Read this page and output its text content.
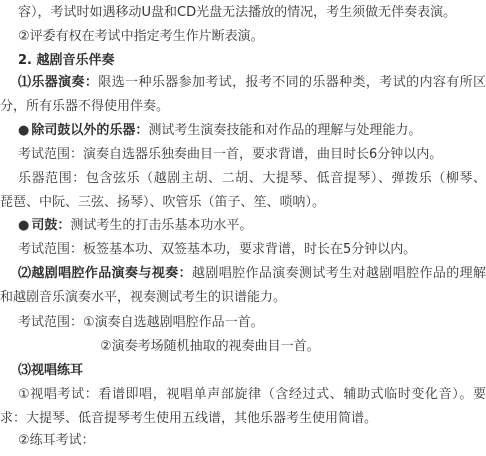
容），考试时如遇移动U盘和CD光盘无法播放的情况，考生须做无伴奏表演。
②评委有权在考试中指定考生作片断表演。
2. 越剧音乐伴奏
⑴乐器演奏：限选一种乐器参加考试，报考不同的乐器种类，考试的内容有所区
分，所有乐器不得使用伴奏。
● 除司鼓以外的乐器：测试考生演奏技能和对作品的理解与处理能力。
考试范围：演奏自选器乐独奏曲目一首，要求背谱，曲目时长6分钟以内。
乐器范围：包含弦乐（越剧主胡、二胡、大提琴、低音提琴）、弹拨乐（柳琴、
琵琶、中阮、三弦、扬琴）、吹管乐（笛子、笙、唢呐）。
● 司鼓：测试考生的打击乐基本功水平。
考试范围：板签基本功、双签基本功，要求背谱，时长在5分钟以内。
⑵越剧唱腔作品演奏与视奏：越剧唱腔作品演奏测试考生对越剧唱腔作品的理解
和越剧音乐演奏水平，视奏测试考生的识谱能力。
考试范围：①演奏自选越剧唱腔作品一首。
②演奏考场随机抽取的视奏曲目一首。
⑶视唱练耳
①视唱考试：看谱即唱，视唱单声部旋律（含经过式、辅助式临时变化音）。要
求：大提琴、低音提琴考生使用五线谱，其他乐器考生使用简谱。
②练耳考试：
